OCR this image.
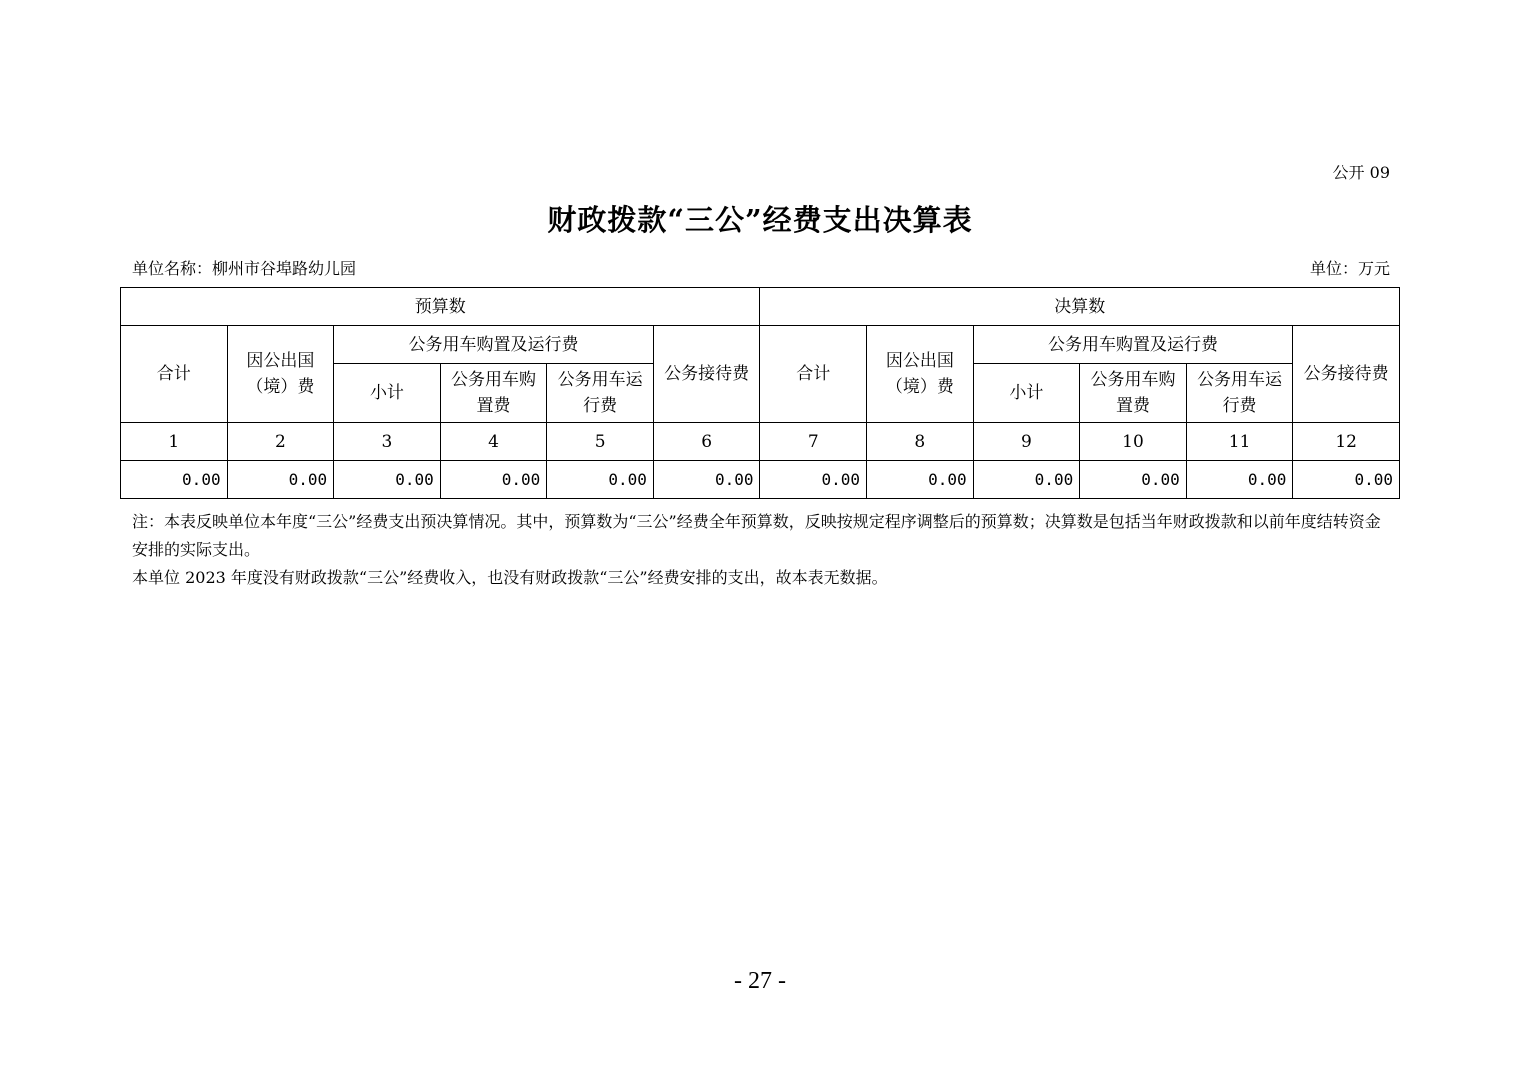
公开 09
财政拨款“三公”经费支出决算表
单位名称：柳州市谷埠路幼儿园	单位：万元
预算数						决算数					
合计	因公出国（境）费	公务用车购置及运行费			公务接待费	合计	因公出国（境）费	公务用车购置及运行费			公务接待费
		小计	公务用车购置费	公务用车运行费				小计	公务用车购置费	公务用车运行费	
1	2	3	4	5	6	7	8	9	10	11	12
0.00	0.00	0.00	0.00	0.00	0.00	0.00	0.00	0.00	0.00	0.00	0.00

注：本表反映单位本年度“三公”经费支出预决算情况。其中，预算数为“三公”经费全年预算数，反映按规定程序调整后的预算数；决算数是包括当年财政拨款和以前年度结转资金安排的实际支出。

本单位 2023 年度没有财政拨款“三公”经费收入，也没有财政拨款“三公”经费安排的支出，故本表无数据。

- 27 -
